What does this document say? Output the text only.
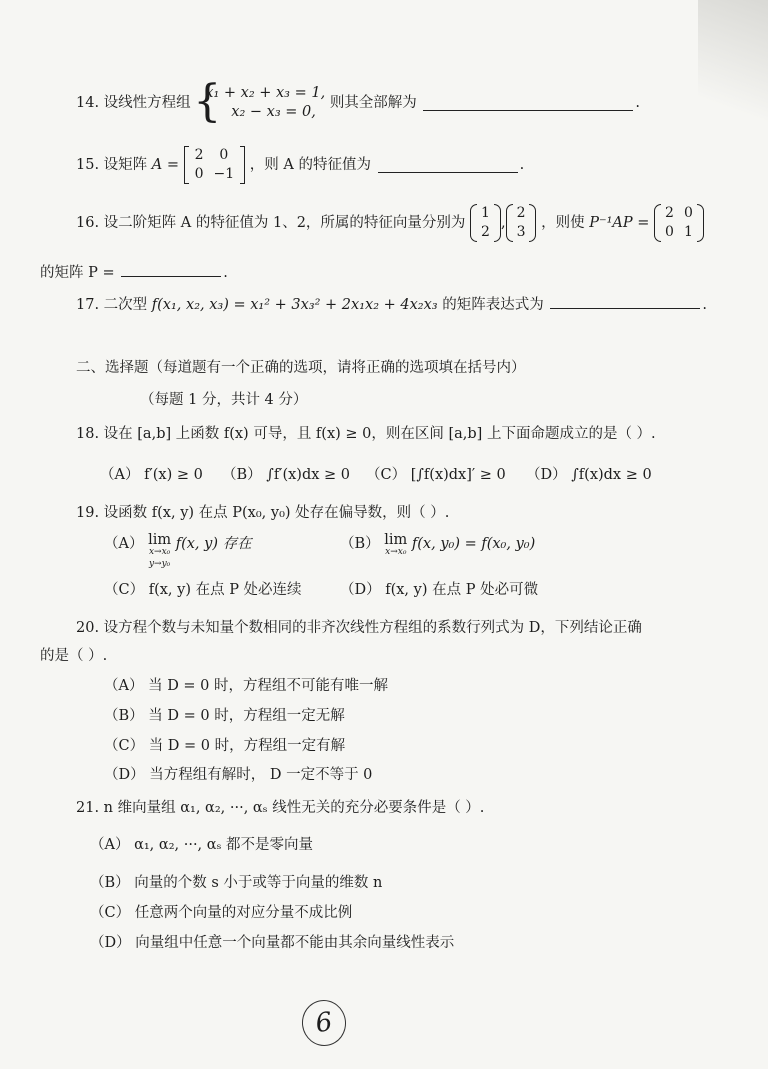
14. 设线性方程组 {
x₁ + x₂ + x₃ = 1,
x₂ − x₃ = 0,
则其全部解为	.
15. 设矩阵 A =
2	0
0	−1
，则 A 的特征值为	.
16. 设二阶矩阵 A 的特征值为 1、2，所属的特征向量分别为
1
2
,
2
3
，则使 P⁻¹AP =
2	0
0	1
的矩阵 P =	.
17. 二次型 f(x₁, x₂, x₃) = x₁² + 3x₃² + 2x₁x₂ + 4x₂x₃ 的矩阵表达式为	.
二、选择题（每道题有一个正确的选项，请将正确的选项填在括号内）
（每题 1 分，共计 4 分）
18. 设在 [a,b] 上函数 f(x) 可导，且 f(x) ≥ 0，则在区间 [a,b] 上下面命题成立的是（ ）.
（A） f′(x) ≥ 0 （B） ∫f′(x)dx ≥ 0 （C） [∫f(x)dx]′ ≥ 0 （D） ∫f(x)dx ≥ 0
19. 设函数 f(x, y) 在点 P(x₀, y₀) 处存在偏导数，则（ ）.
（A） lim
x→x₀
y→y₀
f(x, y) 存在	（B） lim
x→x₀ f(x, y₀) = f(x₀, y₀)
（C） f(x, y) 在点 P 处必连续	（D） f(x, y) 在点 P 处必可微
20. 设方程个数与未知量个数相同的非齐次线性方程组的系数行列式为 D，下列结论正确
的是（ ）.
（A） 当 D = 0 时，方程组不可能有唯一解
（B） 当 D = 0 时，方程组一定无解
（C） 当 D = 0 时，方程组一定有解
（D） 当方程组有解时， D 一定不等于 0
21. n 维向量组 α₁, α₂, ···, αₛ 线性无关的充分必要条件是（ ）.
（A） α₁, α₂, ···, αₛ 都不是零向量
（B） 向量的个数 s 小于或等于向量的维数 n
（C） 任意两个向量的对应分量不成比例
（D） 向量组中任意一个向量都不能由其余向量线性表示
6
